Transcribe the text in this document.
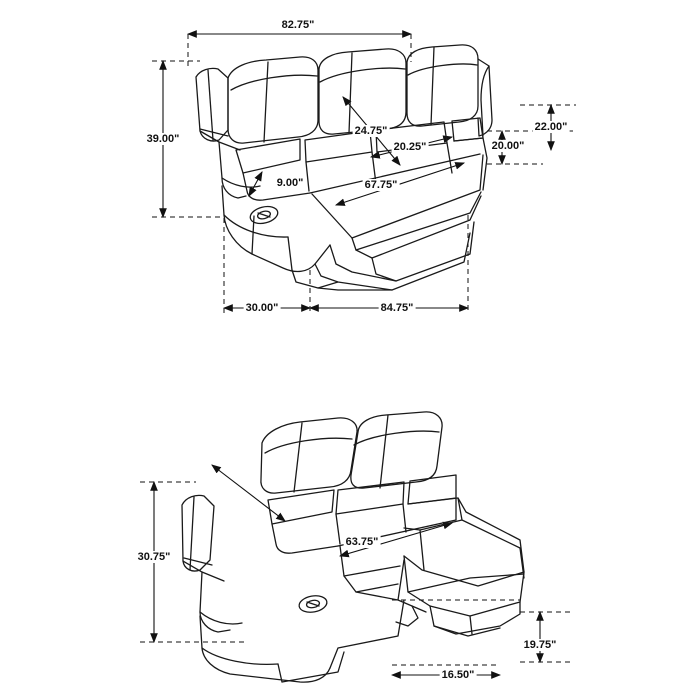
82.75"
24.75"
39.00"
20.25"	20.00"
22.00"
9.00"	67.75"
30.00"	84.75"
30.75"
63.75"
19.75"
16.50"
